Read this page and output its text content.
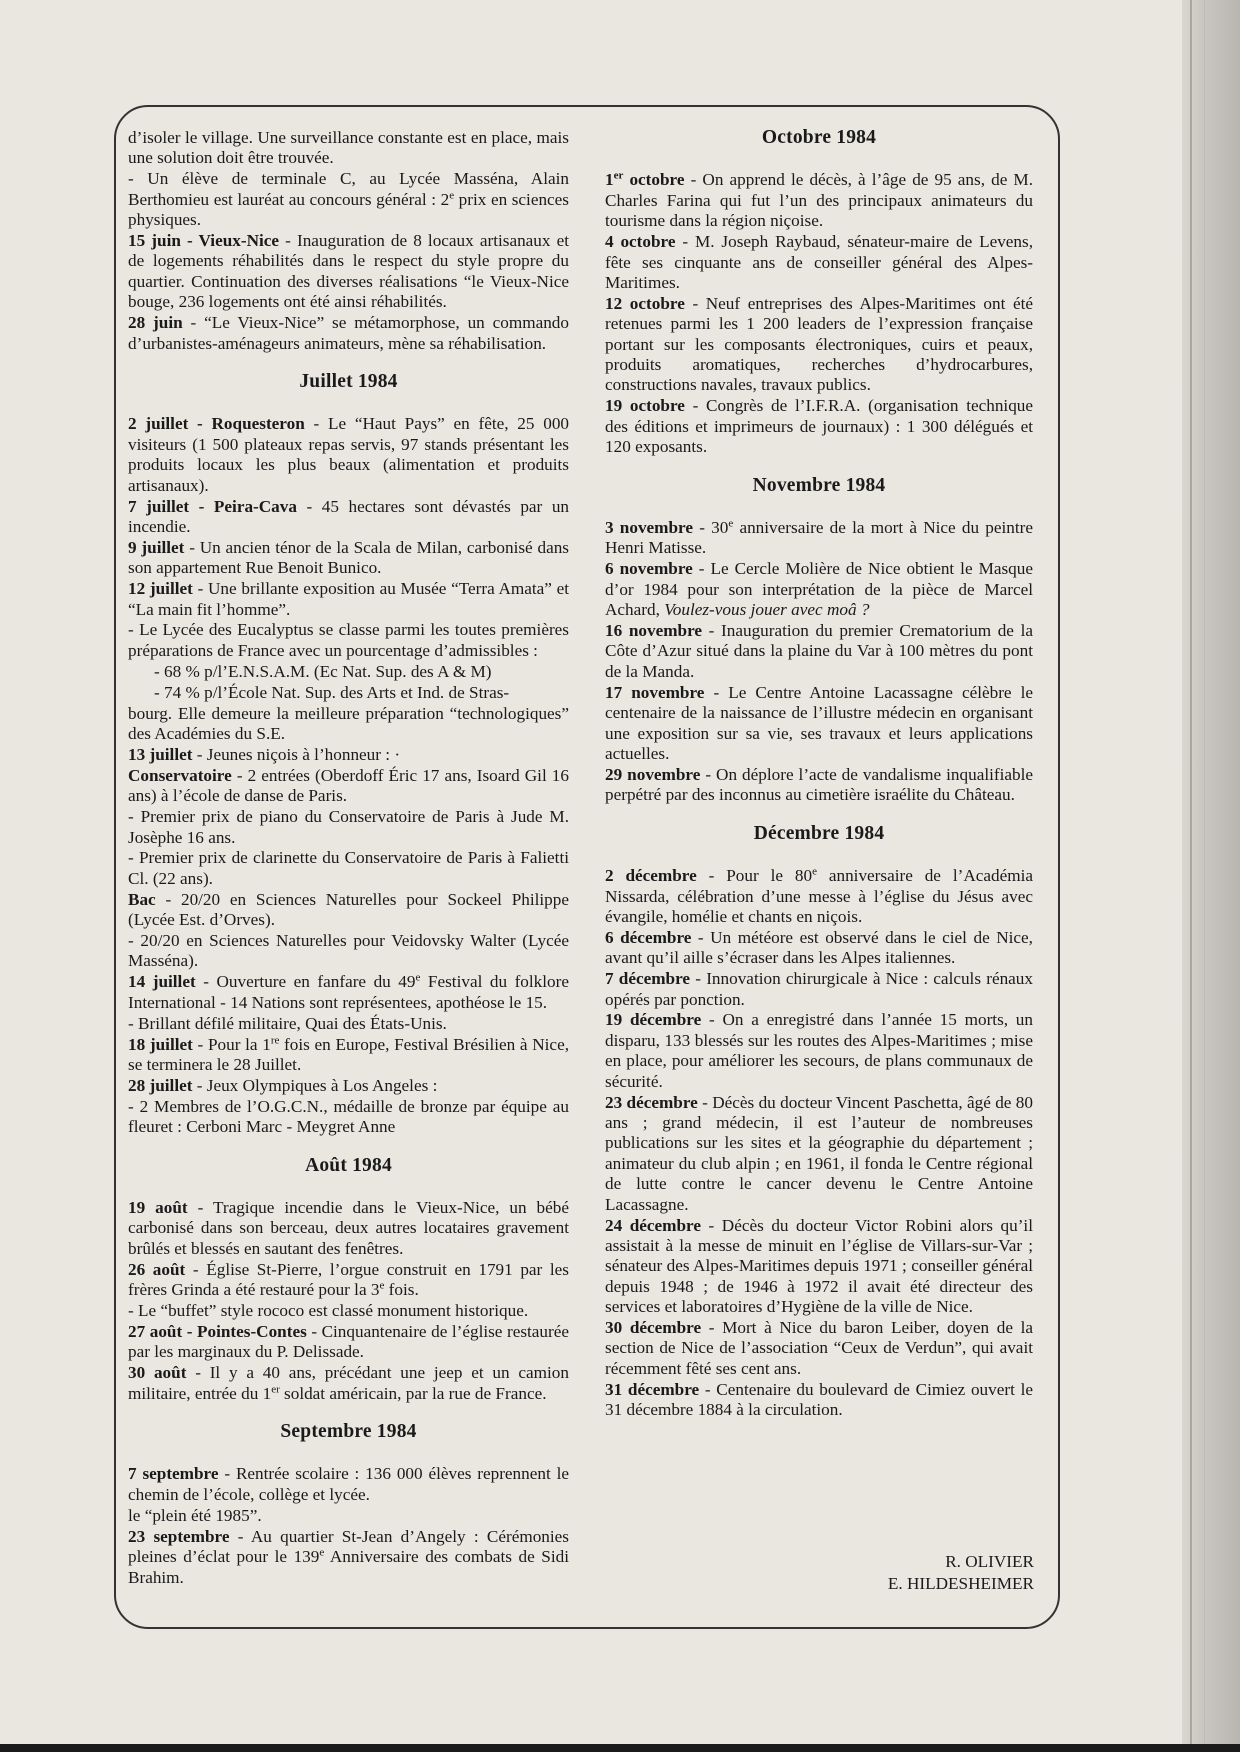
d’isoler le village. Une surveillance constante est en place, mais une solution doit être trouvée.

- Un élève de terminale C, au Lycée Masséna, Alain Berthomieu est lauréat au concours général : 2e prix en sciences physiques.

15 juin - Vieux-Nice - Inauguration de 8 locaux artisanaux et de logements réhabilités dans le respect du style propre du quartier. Continuation des diverses réalisations “le Vieux-Nice bouge, 236 logements ont été ainsi réhabilités.

28 juin - “Le Vieux-Nice” se métamorphose, un commando d’urbanistes-aménageurs animateurs, mène sa réhabilisation.

Juillet 1984

2 juillet - Roquesteron - Le “Haut Pays” en fête, 25 000 visiteurs (1 500 plateaux repas servis, 97 stands présentant les produits locaux les plus beaux (alimentation et produits artisanaux).

7 juillet - Peira-Cava - 45 hectares sont dévastés par un incendie.

9 juillet - Un ancien ténor de la Scala de Milan, carbonisé dans son appartement Rue Benoit Bunico.

12 juillet - Une brillante exposition au Musée “Terra Amata” et “La main fit l’homme”.

- Le Lycée des Eucalyptus se classe parmi les toutes premières préparations de France avec un pourcentage d’admissibles :

- 68 % p/l’E.N.S.A.M. (Ec Nat. Sup. des A & M)

- 74 % p/l’École Nat. Sup. des Arts et Ind. de Stras-

bourg. Elle demeure la meilleure préparation “technologiques” des Académies du S.E.

13 juillet - Jeunes niçois à l’honneur : ·

Conservatoire - 2 entrées (Oberdoff Éric 17 ans, Isoard Gil 16 ans) à l’école de danse de Paris.

- Premier prix de piano du Conservatoire de Paris à Jude M. Josèphe 16 ans.

- Premier prix de clarinette du Conservatoire de Paris à Falietti Cl. (22 ans).

Bac - 20/20 en Sciences Naturelles pour Sockeel Philippe (Lycée Est. d’Orves).

- 20/20 en Sciences Naturelles pour Veidovsky Walter (Lycée Masséna).

14 juillet - Ouverture en fanfare du 49e Festival du folklore International - 14 Nations sont représentees, apothéose le 15.

- Brillant défilé militaire, Quai des États-Unis.

18 juillet - Pour la 1re fois en Europe, Festival Brésilien à Nice, se terminera le 28 Juillet.

28 juillet - Jeux Olympiques à Los Angeles :

- 2 Membres de l’O.G.C.N., médaille de bronze par équipe au fleuret : Cerboni Marc - Meygret Anne

Août 1984

19 août - Tragique incendie dans le Vieux-Nice, un bébé carbonisé dans son berceau, deux autres locataires gravement brûlés et blessés en sautant des fenêtres.

26 août - Église St-Pierre, l’orgue construit en 1791 par les frères Grinda a été restauré pour la 3e fois.

- Le “buffet” style rococo est classé monument historique.

27 août - Pointes-Contes - Cinquantenaire de l’église restaurée par les marginaux du P. Delissade.

30 août - Il y a 40 ans, précédant une jeep et un camion militaire, entrée du 1er soldat américain, par la rue de France.

Septembre 1984

7 septembre - Rentrée scolaire : 136 000 élèves reprennent le chemin de l’école, collège et lycée.

le “plein été 1985”.

23 septembre - Au quartier St-Jean d’Angely : Cérémonies pleines d’éclat pour le 139e Anniversaire des combats de Sidi Brahim.

Octobre 1984

1er octobre - On apprend le décès, à l’âge de 95 ans, de M. Charles Farina qui fut l’un des principaux animateurs du tourisme dans la région niçoise.

4 octobre - M. Joseph Raybaud, sénateur-maire de Levens, fête ses cinquante ans de conseiller général des Alpes-Maritimes.

12 octobre - Neuf entreprises des Alpes-Maritimes ont été retenues parmi les 1 200 leaders de l’expression française portant sur les composants électroniques, cuirs et peaux, produits aromatiques, recherches d’hydrocarbures, constructions navales, travaux publics.

19 octobre - Congrès de l’I.F.R.A. (organisation technique des éditions et imprimeurs de journaux) : 1 300 délégués et 120 exposants.

Novembre 1984

3 novembre - 30e anniversaire de la mort à Nice du peintre Henri Matisse.

6 novembre - Le Cercle Molière de Nice obtient le Masque d’or 1984 pour son interprétation de la pièce de Marcel Achard, Voulez-vous jouer avec moâ ?

16 novembre - Inauguration du premier Crematorium de la Côte d’Azur situé dans la plaine du Var à 100 mètres du pont de la Manda.

17 novembre - Le Centre Antoine Lacassagne célèbre le centenaire de la naissance de l’illustre médecin en organisant une exposition sur sa vie, ses travaux et leurs applications actuelles.

29 novembre - On déplore l’acte de vandalisme inqualifiable perpétré par des inconnus au cimetière israélite du Château.

Décembre 1984

2 décembre - Pour le 80e anniversaire de l’Académia Nissarda, célébration d’une messe à l’église du Jésus avec évangile, homélie et chants en niçois.

6 décembre - Un météore est observé dans le ciel de Nice, avant qu’il aille s’écraser dans les Alpes italiennes.

7 décembre - Innovation chirurgicale à Nice : calculs rénaux opérés par ponction.

19 décembre - On a enregistré dans l’année 15 morts, un disparu, 133 blessés sur les routes des Alpes-Maritimes ; mise en place, pour améliorer les secours, de plans communaux de sécurité.

23 décembre - Décès du docteur Vincent Paschetta, âgé de 80 ans ; grand médecin, il est l’auteur de nombreuses publications sur les sites et la géographie du département ; animateur du club alpin ; en 1961, il fonda le Centre régional de lutte contre le cancer devenu le Centre Antoine Lacassagne.

24 décembre - Décès du docteur Victor Robini alors qu’il assistait à la messe de minuit en l’église de Villars-sur-Var ; sénateur des Alpes-Maritimes depuis 1971 ; conseiller général depuis 1948 ; de 1946 à 1972 il avait été directeur des services et laboratoires d’Hygiène de la ville de Nice.

30 décembre - Mort à Nice du baron Leiber, doyen de la section de Nice de l’association “Ceux de Verdun”, qui avait récemment fêté ses cent ans.

31 décembre - Centenaire du boulevard de Cimiez ouvert le 31 décembre 1884 à la circulation.

R. OLIVIER
E. HILDESHEIMER
